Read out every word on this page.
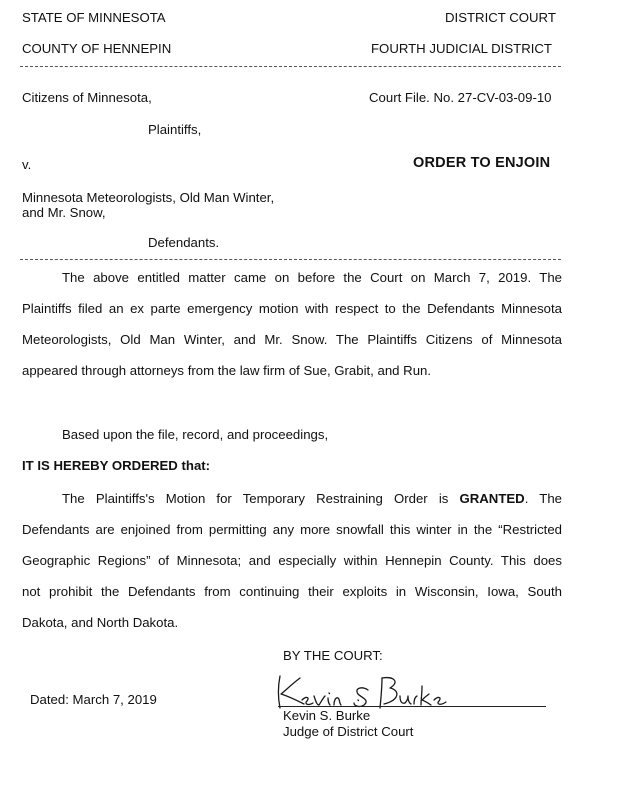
STATE OF MINNESOTA	DISTRICT COURT
COUNTY OF HENNEPIN	FOURTH JUDICIAL DISTRICT
Citizens of Minnesota,	Court File. No. 27-CV-03-09-10
Plaintiffs,
v.	ORDER TO ENJOIN
Minnesota Meteorologists, Old Man Winter,
and Mr. Snow,
Defendants.
The above entitled matter came on before the Court on March 7, 2019. The
Plaintiffs filed an ex parte emergency motion with respect to the Defendants Minnesota
Meteorologists, Old Man Winter, and Mr. Snow. The Plaintiffs Citizens of Minnesota
appeared through attorneys from the law firm of Sue, Grabit, and Run.
Based upon the file, record, and proceedings,
IT IS HEREBY ORDERED that:
The Plaintiffs's Motion for Temporary Restraining Order is GRANTED. The
Defendants are enjoined from permitting any more snowfall this winter in the “Restricted
Geographic Regions” of Minnesota; and especially within Hennepin County. This does
not prohibit the Defendants from continuing their exploits in Wisconsin, Iowa, South
Dakota, and North Dakota.
BY THE COURT:
Dated: March 7, 2019
Kevin S. Burke
Judge of District Court
